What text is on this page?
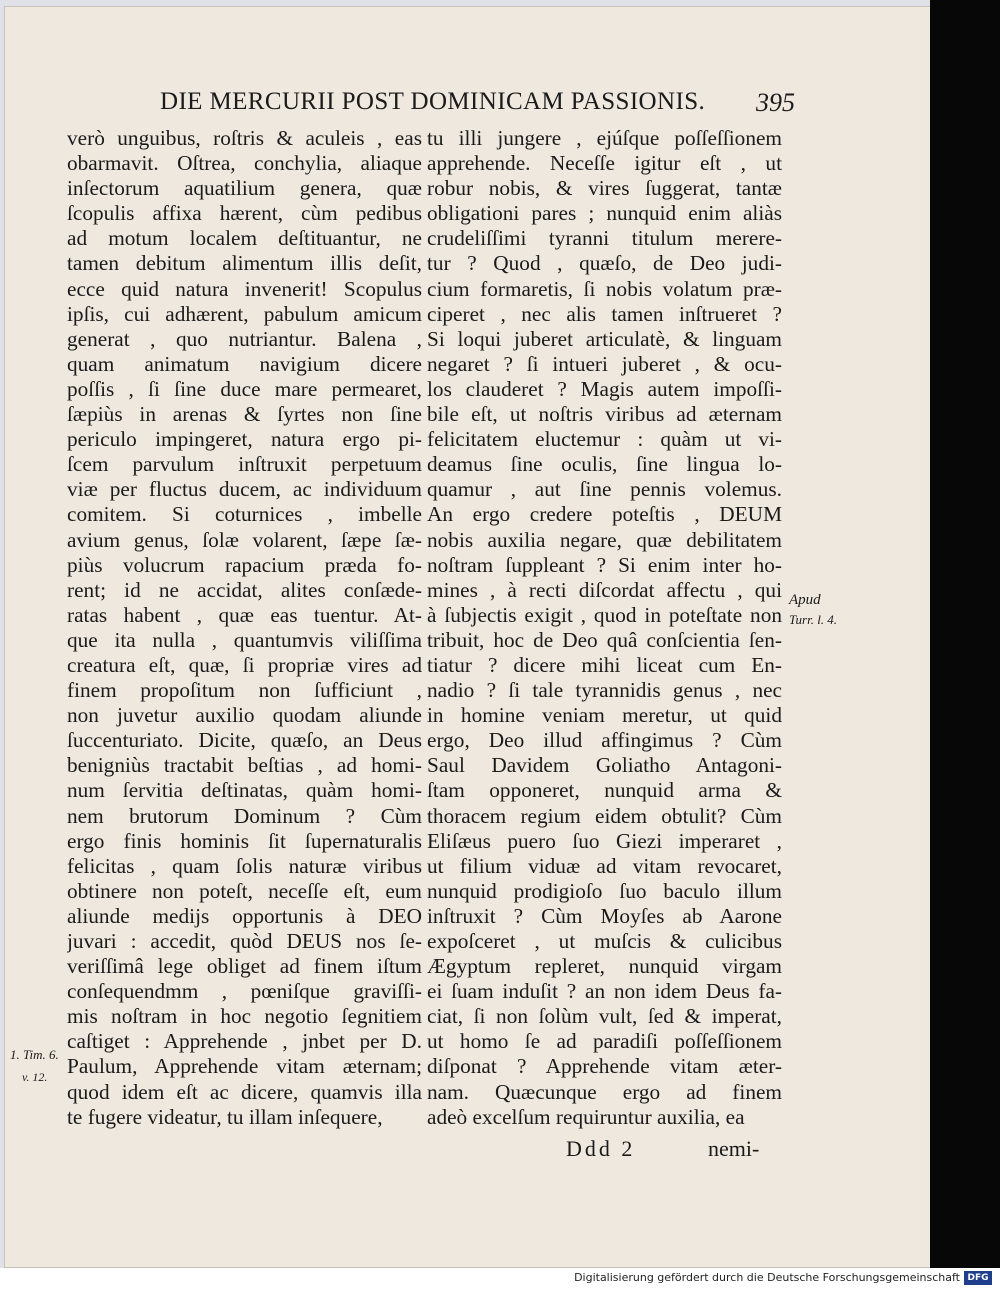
DIE MERCURII POST DOMINICAM PASSIONIS. 395
verò unguibus, roſtris & aculeis , eas
obarmavit. Oſtrea, conchylia, aliaque
inſectorum aquatilium genera, quæ
ſcopulis affixa hærent, cùm pedibus
ad motum localem deſtituantur, ne
tamen debitum alimentum illis deſit,
ecce quid natura invenerit! Scopulus
ipſis, cui adhærent, pabulum amicum
generat , quo nutriantur. Balena ,
quam animatum navigium dicere
poſſis , ſi ſine duce mare permearet,
ſæpiùs in arenas & ſyrtes non ſine
periculo impingeret, natura ergo pi-
ſcem parvulum inſtruxit perpetuum
viæ per fluctus ducem, ac individuum
comitem. Si coturnices , imbelle
avium genus, ſolæ volarent, ſæpe ſæ-
piùs volucrum rapacium præda fo-
rent; id ne accidat, alites conſæde-
ratas habent , quæ eas tuentur. At-
que ita nulla , quantumvis viliſſima
creatura eſt, quæ, ſi propriæ vires ad
finem propoſitum non ſufficiunt ,
non juvetur auxilio quodam aliunde
ſuccenturiato. Dicite, quæſo, an Deus
benigniùs tractabit beſtias , ad homi-
num ſervitia deſtinatas, quàm homi-
nem brutorum Dominum ? Cùm
ergo finis hominis ſit ſupernaturalis
felicitas , quam ſolis naturæ viribus
obtinere non poteſt, neceſſe eſt, eum
aliunde medijs opportunis à DEO
juvari : accedit, quòd DEUS nos ſe-
veriſſimâ lege obliget ad finem iſtum
conſequendmm , pœniſque graviſſi-
mis noſtram in hoc negotio ſegnitiem
caſtiget : Apprehende , jnbet per D.
Paulum, Apprehende vitam æternam;
quod idem eſt ac dicere, quamvis illa
te fugere videatur, tu illam inſequere,
tu illi jungere , ejúſque poſſeſſionem
apprehende. Neceſſe igitur eſt , ut
robur nobis, & vires ſuggerat, tantæ
obligationi pares ; nunquid enim aliàs
crudeliſſimi tyranni titulum merere-
tur ? Quod , quæſo, de Deo judi-
cium formaretis, ſi nobis volatum præ-
ciperet , nec alis tamen inſtrueret ?
Si loqui juberet articulatè, & linguam
negaret ? ſi intueri juberet , & ocu-
los clauderet ? Magis autem impoſſi-
bile eſt, ut noſtris viribus ad æternam
felicitatem eluctemur : quàm ut vi-
deamus ſine oculis, ſine lingua lo-
quamur , aut ſine pennis volemus.
An ergo credere poteſtis , DEUM
nobis auxilia negare, quæ debilitatem
noſtram ſuppleant ? Si enim inter ho-
mines , à recti diſcordat affectu , qui
à ſubjectis exigit , quod in poteſtate non
tribuit, hoc de Deo quâ conſcientia ſen-
tiatur ? dicere mihi liceat cum En-
nadio ? ſi tale tyrannidis genus , nec
in homine veniam meretur, ut quid
ergo, Deo illud affingimus ? Cùm
Saul Davidem Goliatho Antagoni-
ſtam opponeret, nunquid arma &
thoracem regium eidem obtulit? Cùm
Eliſæus puero ſuo Giezi imperaret ,
ut filium viduæ ad vitam revocaret,
nunquid prodigioſo ſuo baculo illum
inſtruxit ? Cùm Moyſes ab Aarone
expoſceret , ut muſcis & culicibus
Ægyptum repleret, nunquid virgam
ei ſuam induſit ? an non idem Deus fa-
ciat, ſi non ſolùm vult, ſed & imperat,
ut homo ſe ad paradiſi poſſeſſionem
diſponat ? Apprehende vitam æter-
nam. Quæcunque ergo ad finem
adeò excelſum requiruntur auxilia, ea
Apud
Turr. l. 4.
1. Tim. 6.
v. 12.
Ddd 2	nemi-
Digitalisierung gefördert durch die Deutsche Forschungsgemeinschaft DFG
